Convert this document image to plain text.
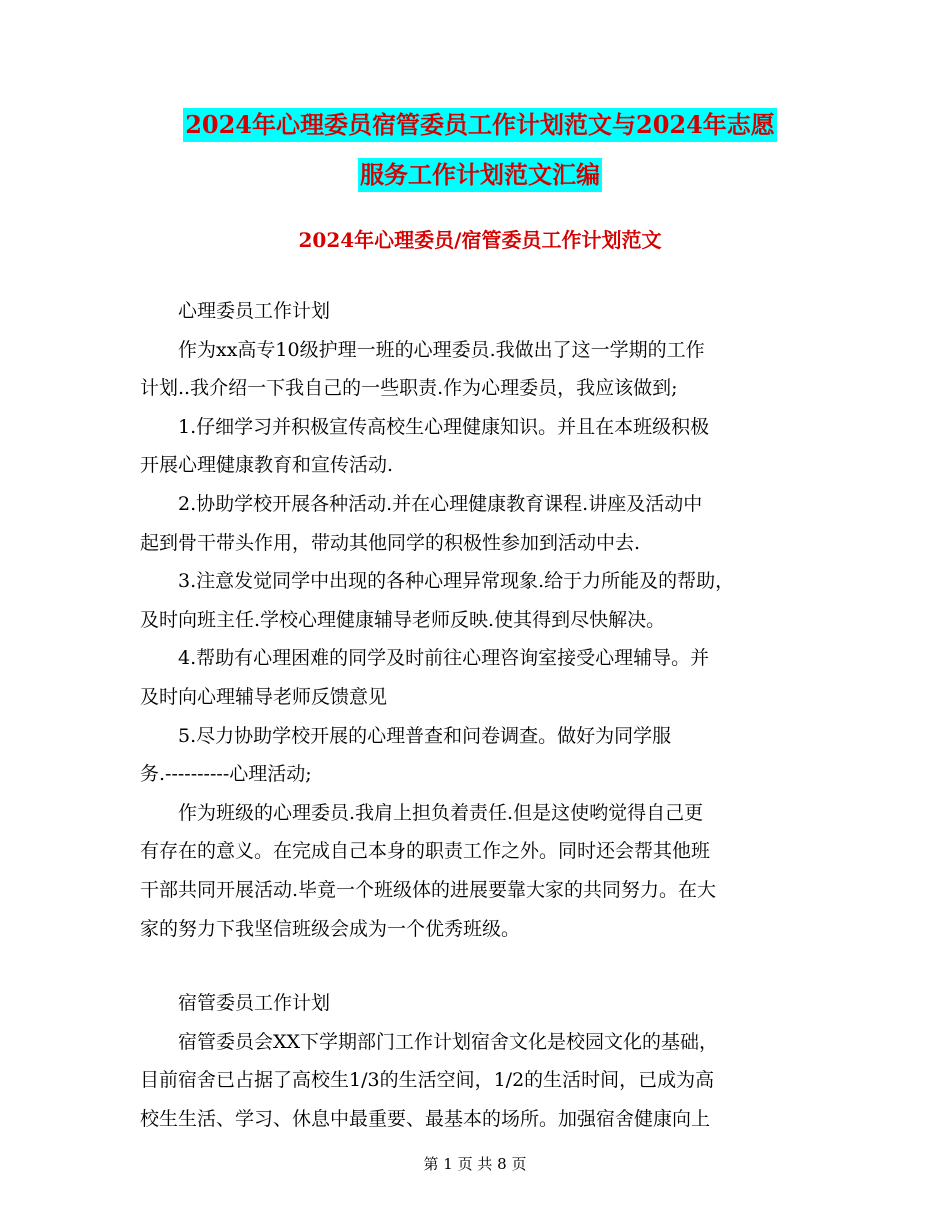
2024年心理委员宿管委员工作计划范文与2024年志愿
服务工作计划范文汇编
2024年心理委员/宿管委员工作计划范文

心理委员工作计划

作为xx高专10级护理一班的心理委员.我做出了这一学期的工作

计划..我介绍一下我自己的一些职责.作为心理委员，我应该做到;

1.仔细学习并积极宣传高校生心理健康知识。并且在本班级积极

开展心理健康教育和宣传活动.

2.协助学校开展各种活动.并在心理健康教育课程.讲座及活动中

起到骨干带头作用，带动其他同学的积极性参加到活动中去.

3.注意发觉同学中出现的各种心理异常现象.给于力所能及的帮助，

及时向班主任.学校心理健康辅导老师反映.使其得到尽快解决。

4.帮助有心理困难的同学及时前往心理咨询室接受心理辅导。并

及时向心理辅导老师反馈意见

5.尽力协助学校开展的心理普查和问卷调查。做好为同学服

务.----------心理活动;

作为班级的心理委员.我肩上担负着责任.但是这使哟觉得自己更

有存在的意义。在完成自己本身的职责工作之外。同时还会帮其他班

干部共同开展活动.毕竟一个班级体的进展要靠大家的共同努力。在大

家的努力下我坚信班级会成为一个优秀班级。

宿管委员工作计划

宿管委员会XX下学期部门工作计划宿舍文化是校园文化的基础，

目前宿舍已占据了高校生1/3的生活空间，1/2的生活时间，已成为高

校生生活、学习、休息中最重要、最基本的场所。加强宿舍健康向上

第 1 页 共 8 页
